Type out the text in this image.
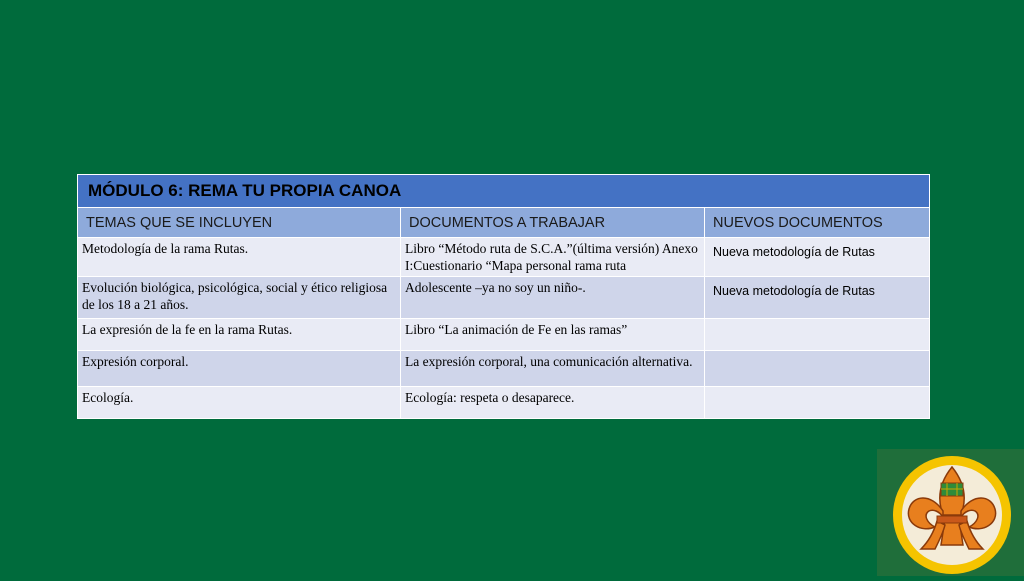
MÓDULO 6: REMA TU PROPIA CANOA		
TEMAS QUE SE INCLUYEN	DOCUMENTOS A TRABAJAR	NUEVOS DOCUMENTOS
Metodología de la rama Rutas.	Libro “Método ruta de S.C.A.”(última versión) Anexo I:Cuestionario “Mapa personal rama ruta	Nueva metodología de Rutas
Evolución biológica, psicológica, social y ético religiosa de los 18 a 21 años.	Adolescente –ya no soy un niño-.	Nueva metodología de Rutas
La expresión de la fe en la rama Rutas.	Libro “La animación de Fe en las ramas”	
Expresión corporal.	La expresión corporal, una comunicación alternativa.	
Ecología.	Ecología: respeta o desaparece.	
